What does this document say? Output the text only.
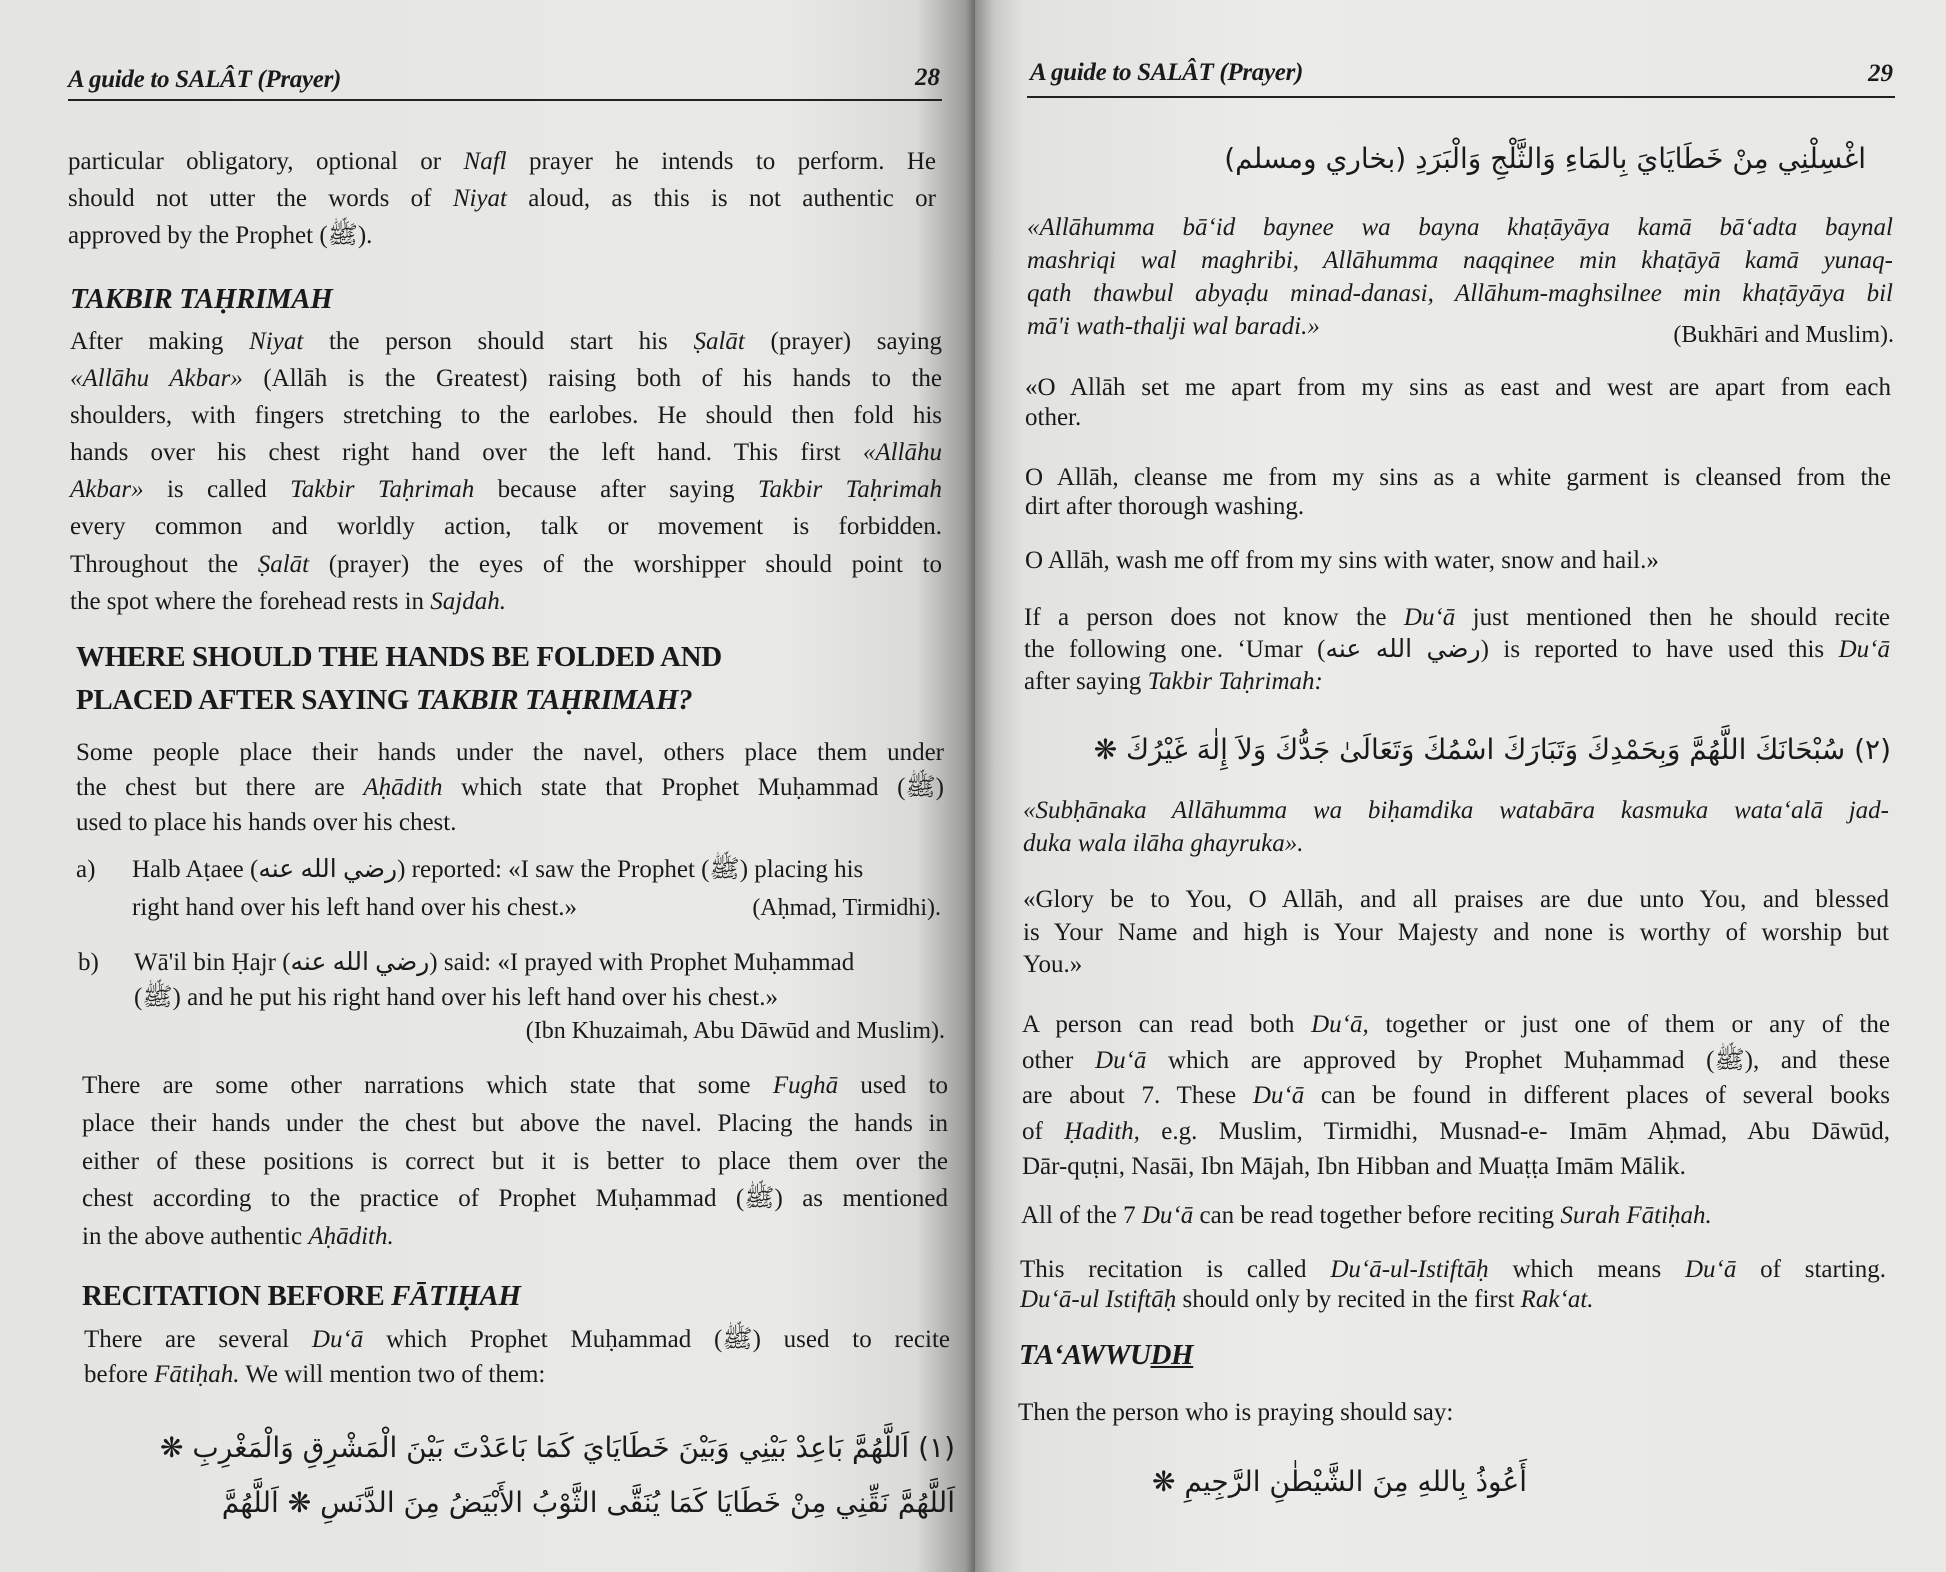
A guide to SALÂT (Prayer)	28
particular obligatory, optional or Nafl prayer he intends to perform. He
should not utter the words of Niyat aloud, as this is not authentic or
approved by the Prophet (ﷺ).
TAKBIR TAḤRIMAH
After making Niyat the person should start his Ṣalāt (prayer) saying
«Allāhu Akbar» (Allāh is the Greatest) raising both of his hands to the
shoulders, with fingers stretching to the earlobes. He should then fold his
hands over his chest right hand over the left hand. This first «Allāhu
Akbar» is called Takbir Taḥrimah because after saying Takbir Taḥrimah
every common and worldly action, talk or movement is forbidden.
Throughout the Ṣalāt (prayer) the eyes of the worshipper should point to
the spot where the forehead rests in Sajdah.
WHERE SHOULD THE HANDS BE FOLDED AND
PLACED AFTER SAYING TAKBIR TAḤRIMAH?
Some people place their hands under the navel, others place them under
the chest but there are Aḥādith which state that Prophet Muḥammad (ﷺ)
used to place his hands over his chest.
a) Halb Aṭaee (رضي الله عنه) reported: «I saw the Prophet (ﷺ) placing his
right hand over his left hand over his chest.»	(Aḥmad, Tirmidhi).
b) Wā'il bin Ḥajr (رضي الله عنه) said: «I prayed with Prophet Muḥammad
(ﷺ) and he put his right hand over his left hand over his chest.»
(Ibn Khuzaimah, Abu Dāwūd and Muslim).
There are some other narrations which state that some Fughā used to
place their hands under the chest but above the navel. Placing the hands in
either of these positions is correct but it is better to place them over the
chest according to the practice of Prophet Muḥammad (ﷺ) as mentioned
in the above authentic Aḥādith.
RECITATION BEFORE FĀTIḤAH
There are several Du‘ā which Prophet Muḥammad (ﷺ) used to recite
before Fātiḥah. We will mention two of them:
(١) اَللَّهُمَّ بَاعِدْ بَيْنِي وَبَيْنَ خَطَايَايَ كَمَا بَاعَدْتَ بَيْنَ الْمَشْرِقِ وَالْمَغْرِبِ ❋
اَللَّهُمَّ نَقِّنِي مِنْ خَطَايَا كَمَا يُنَقَّى الثَّوْبُ الأَبْيَضُ مِنَ الدَّنَسِ ❋ اَللَّهُمَّ
A guide to SALÂT (Prayer)	29
اغْسِلْنِي مِنْ خَطَايَايَ بِالمَاءِ وَالثَّلْجِ وَالْبَرَدِ (بخاري ومسلم)
«Allāhumma bā‘id baynee wa bayna khaṭāyāya kamā bā‘adta baynal
mashriqi wal maghribi, Allāhumma naqqinee min khaṭāyā kamā yunaq-
qath thawbul abyaḍu minad-danasi, Allāhum-maghsilnee min khaṭāyāya bil
mā'i wath-thalji wal baradi.»	(Bukhāri and Muslim).
«O Allāh set me apart from my sins as east and west are apart from each
other.
O Allāh, cleanse me from my sins as a white garment is cleansed from the
dirt after thorough washing.
O Allāh, wash me off from my sins with water, snow and hail.»
If a person does not know the Du‘ā just mentioned then he should recite
the following one. ‘Umar (رضي الله عنه) is reported to have used this Du‘ā
after saying Takbir Taḥrimah:
(٢) سُبْحَانَكَ اللَّهُمَّ وَبِحَمْدِكَ وَتَبَارَكَ اسْمُكَ وَتَعَالَىٰ جَدُّكَ وَلاَ إِلٰهَ غَيْرُكَ ❋
«Subḥānaka Allāhumma wa biḥamdika watabāra kasmuka wata‘alā jad-
duka wala ilāha ghayruka».
«Glory be to You, O Allāh, and all praises are due unto You, and blessed
is Your Name and high is Your Majesty and none is worthy of worship but
You.»
A person can read both Du‘ā, together or just one of them or any of the
other Du‘ā which are approved by Prophet Muḥammad (ﷺ), and these
are about 7. These Du‘ā can be found in different places of several books
of Ḥadith, e.g. Muslim, Tirmidhi, Musnad-e- Imām Aḥmad, Abu Dāwūd,
Dār-quṭni, Nasāi, Ibn Mājah, Ibn Hibban and Muaṭṭa Imām Mālik.
All of the 7 Du‘ā can be read together before reciting Surah Fātiḥah.
This recitation is called Du‘ā-ul-Istiftāḥ which means Du‘ā of starting.
Du‘ā-ul Istiftāḥ should only by recited in the first Rak‘at.
TA‘AWWUDH
Then the person who is praying should say:
أَعُوذُ بِاللهِ مِنَ الشَّيْطٰنِ الرَّجِيمِ ❋
